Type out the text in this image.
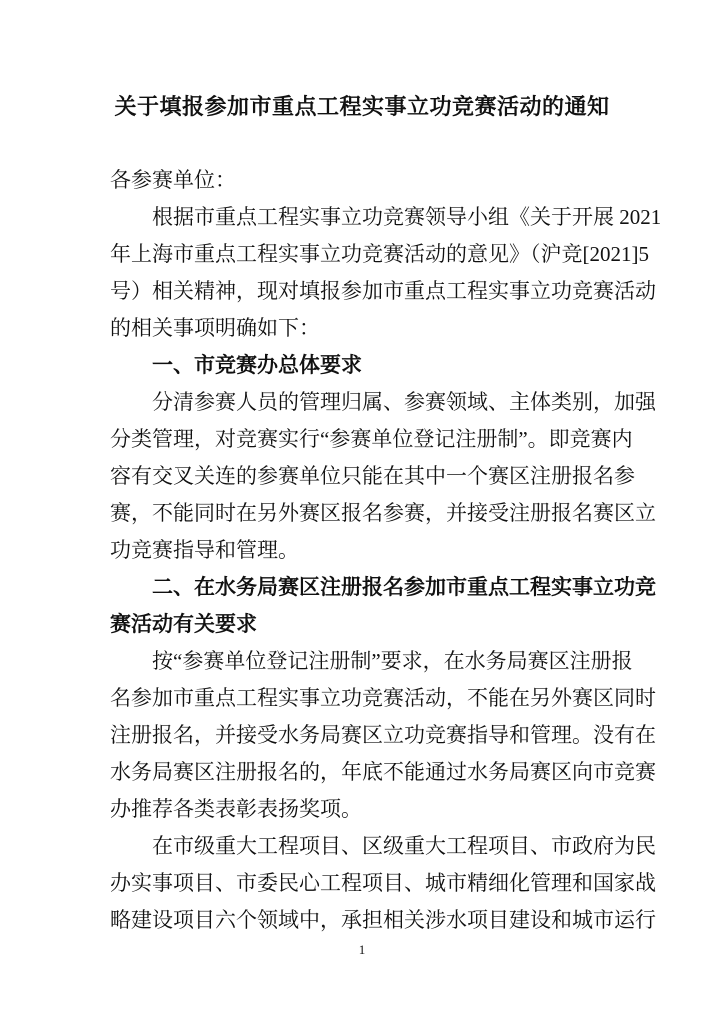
关于填报参加市重点工程实事立功竞赛活动的通知
各参赛单位：
根据市重点工程实事立功竞赛领导小组《关于开展 2021
年上海市重点工程实事立功竞赛活动的意见》（沪竞[2021]5
号）相关精神，现对填报参加市重点工程实事立功竞赛活动
的相关事项明确如下：
一、市竞赛办总体要求
分清参赛人员的管理归属、参赛领域、主体类别，加强
分类管理，对竞赛实行“参赛单位登记注册制”。即竞赛内
容有交叉关连的参赛单位只能在其中一个赛区注册报名参
赛，不能同时在另外赛区报名参赛，并接受注册报名赛区立
功竞赛指导和管理。
二、在水务局赛区注册报名参加市重点工程实事立功竞
赛活动有关要求
按“参赛单位登记注册制”要求，在水务局赛区注册报
名参加市重点工程实事立功竞赛活动，不能在另外赛区同时
注册报名，并接受水务局赛区立功竞赛指导和管理。没有在
水务局赛区注册报名的，年底不能通过水务局赛区向市竞赛
办推荐各类表彰表扬奖项。
在市级重大工程项目、区级重大工程项目、市政府为民
办实事项目、市委民心工程项目、城市精细化管理和国家战
略建设项目六个领域中，承担相关涉水项目建设和城市运行
1
